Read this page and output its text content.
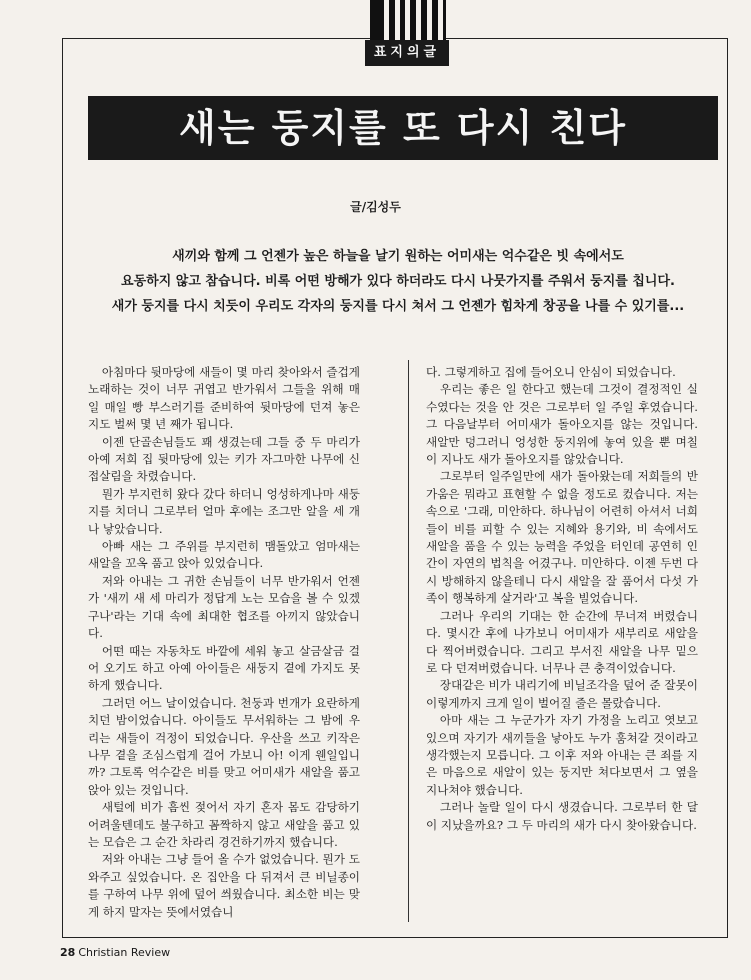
표지의글
새는 둥지를 또 다시 친다
글/김성두

새끼와 함께 그 언젠가 높은 하늘을 날기 원하는 어미새는 억수같은 빗 속에서도

요동하지 않고 참습니다. 비록 어떤 방해가 있다 하더라도 다시 나뭇가지를 주워서 둥지를 칩니다.

새가 둥지를 다시 치듯이 우리도 각자의 둥지를 다시 쳐서 그 언젠가 힘차게 창공을 나를 수 있기를...

아침마다 뒷마당에 새들이 몇 마리 찾아와서 즐겁게 노래하는 것이 너무 귀엽고 반가워서 그들을 위해 매일 매일 빵 부스러기를 준비하여 뒷마당에 던져 놓은지도 벌써 몇 년 째가 됩니다.

이젠 단골손님들도 꽤 생겼는데 그들 중 두 마리가 아예 저희 집 뒷마당에 있는 키가 자그마한 나무에 신접살림을 차렸습니다.

뭔가 부지런히 왔다 갔다 하더니 엉성하게나마 새둥지를 치더니 그로부터 얼마 후에는 조그만 알을 세 개나 낳았습니다.

아빠 새는 그 주위를 부지런히 맴돌았고 엄마새는 새알을 꼬옥 품고 앉아 있었습니다.

저와 아내는 그 귀한 손님들이 너무 반가워서 언젠가 '새끼 새 세 마리가 정답게 노는 모습을 볼 수 있겠구나'라는 기대 속에 최대한 협조를 아끼지 않았습니다.

어떤 때는 자동차도 바깥에 세워 놓고 살금살금 걸어 오기도 하고 아예 아이들은 새둥지 곁에 가지도 못하게 했습니다.

그러던 어느 날이었습니다. 천둥과 번개가 요란하게 치던 밤이었습니다. 아이들도 무서워하는 그 밤에 우리는 새들이 걱정이 되었습니다. 우산을 쓰고 키작은 나무 곁을 조심스럽게 걸어 가보니 아! 이게 웬일입니까? 그토록 억수같은 비를 맞고 어미새가 새알을 품고 앉아 있는 것입니다.

새털에 비가 흠씬 젖어서 자기 혼자 몸도 감당하기 어려울텐데도 불구하고 꼼짝하지 않고 새알을 품고 있는 모습은 그 순간 차라리 경건하기까지 했습니다.

저와 아내는 그냥 들어 올 수가 없었습니다. 뭔가 도와주고 싶었습니다. 온 집안을 다 뒤져서 큰 비닐종이를 구하여 나무 위에 덮어 씌웠습니다. 최소한 비는 맞게 하지 말자는 뜻에서였습니

다. 그렇게하고 집에 들어오니 안심이 되었습니다.

우리는 좋은 일 한다고 했는데 그것이 결정적인 실수였다는 것을 안 것은 그로부터 일 주일 후였습니다. 그 다음날부터 어미새가 돌아오지를 않는 것입니다. 새알만 덩그러니 엉성한 둥지위에 놓여 있을 뿐 며칠이 지나도 새가 돌아오지를 않았습니다.

그로부터 일주일만에 새가 돌아왔는데 저희들의 반가움은 뭐라고 표현할 수 없을 정도로 컸습니다. 저는 속으로 '그래, 미안하다. 하나님이 어련히 아셔서 너희들이 비를 피할 수 있는 지혜와 용기와, 비 속에서도 새알을 품을 수 있는 능력을 주었을 터인데 공연히 인간이 자연의 법칙을 어겼구나. 미안하다. 이젠 두번 다시 방해하지 않을테니 다시 새알을 잘 품어서 다섯 가족이 행복하게 살거라'고 복을 빌었습니다.

그러나 우리의 기대는 한 순간에 무너져 버렸습니다. 몇시간 후에 나가보니 어미새가 새부리로 새알을 다 찍어버렸습니다. 그리고 부서진 새알을 나무 밑으로 다 던져버렸습니다. 너무나 큰 충격이었습니다.

장대같은 비가 내리기에 비닐조각을 덮어 준 잘못이 이렇게까지 크게 일이 벌어질 줄은 몰랐습니다.

아마 새는 그 누군가가 자기 가정을 노리고 엿보고 있으며 자기가 새끼들을 낳아도 누가 훔쳐갈 것이라고 생각했는지 모릅니다. 그 이후 저와 아내는 큰 죄를 지은 마음으로 새알이 있는 둥지만 쳐다보면서 그 옆을 지나쳐야 했습니다.

그러나 놀랄 일이 다시 생겼습니다. 그로부터 한 달이 지났을까요? 그 두 마리의 새가 다시 찾아왔습니다.

28 Christian Review
